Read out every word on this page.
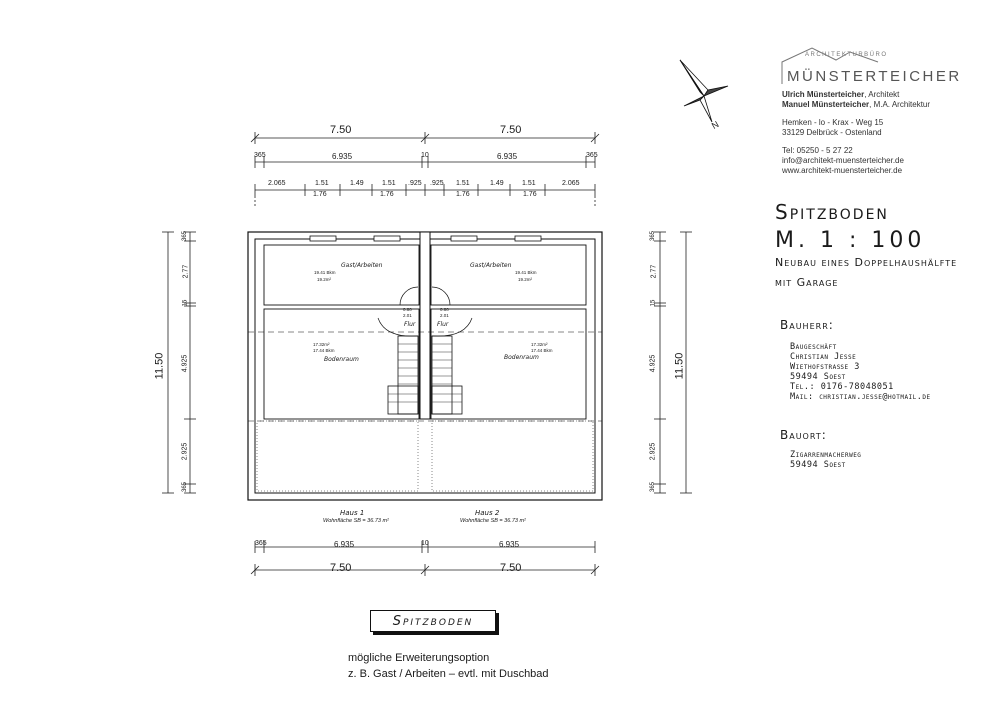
N
ARCHITEKTURBÜRO
MÜNSTERTEICHER
Ulrich Münsterteicher, Architekt
Manuel Münsterteicher, M.A. Architektur
Hemken - lo - Krax - Weg 15
33129 Delbrück - Ostenland
Tel: 05250 - 5 27 22
info@architekt-muensterteicher.de
www.architekt-muensterteicher.de
Spitzboden
M. 1 : 100
Neubau eines Doppelhaushälfte
mit Garage
Bauherr:
Baugeschäft
Christian Jesse
Wiethofstraße 3
59494 Soest
Tel.: 0176-78048051
Mail: christian.jesse@hotmail.de
Bauort:
Zigarrenmacherweg
59494 Soest
7.50	7.50
365	6.935	10	6.935	365
2.065	1.51	1.49	1.51 .925 .925 1.51	1.49	1.51	2.065
1.76	1.76	1.76	1.76
11.50
365
2.77
15
4.925
2.925
365
365
2.77
15
4.925
2.925
365
11.50
365	6.935	10	6.935
7.50	7.50
Gast/Arbeiten
19.41 Bkm
19.2m²
Gast/Arbeiten
19.41 Bkm
19.2m²
0.80
2.01
Flur
0.80
2.01
Flur
17.32m²
17.44 Bkm
Bodenraum
17.32m²
17.44 Bkm
Bodenraum
Haus 1
Wohnfläche SB = 36.73 m²
Haus 2
Wohnfläche SB = 36.73 m²
Spitzboden
mögliche Erweiterungsoption
z. B. Gast / Arbeiten – evtl. mit Duschbad
